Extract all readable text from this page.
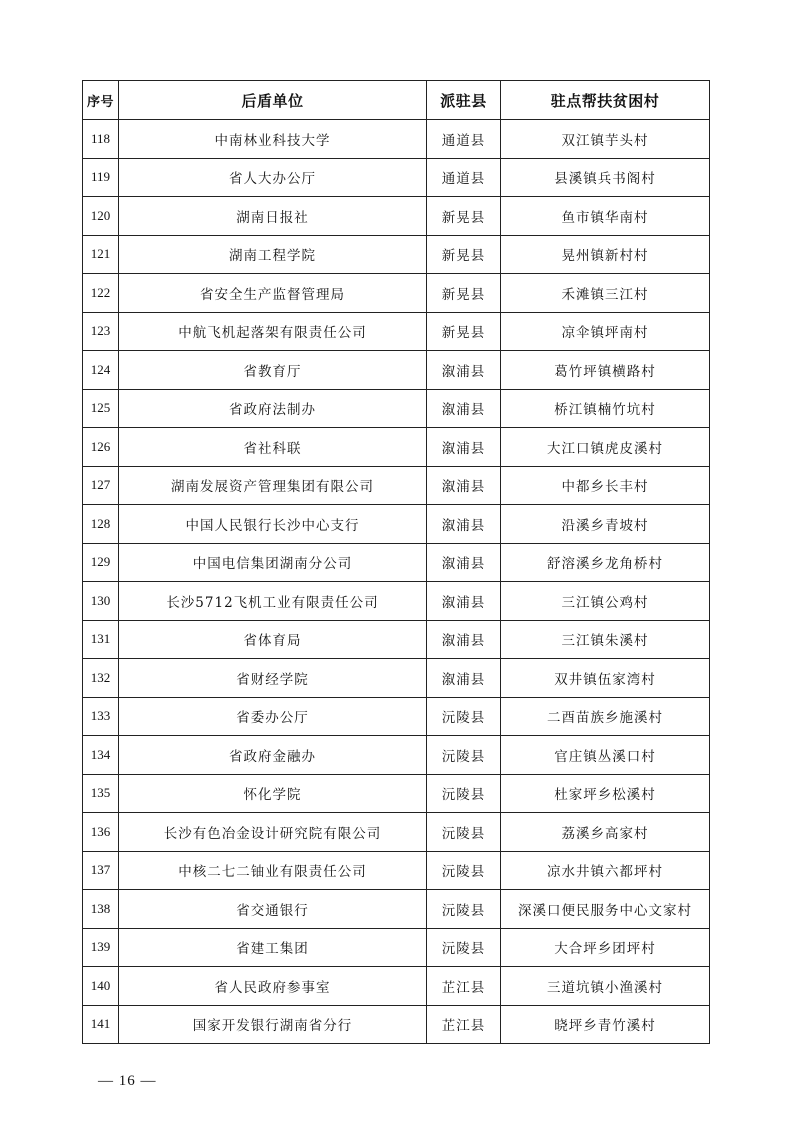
序号	后盾单位	派驻县	驻点帮扶贫困村
118	中南林业科技大学	通道县	双江镇芋头村
119	省人大办公厅	通道县	县溪镇兵书阁村
120	湖南日报社	新晃县	鱼市镇华南村
121	湖南工程学院	新晃县	晃州镇新村村
122	省安全生产监督管理局	新晃县	禾滩镇三江村
123	中航飞机起落架有限责任公司	新晃县	凉伞镇坪南村
124	省教育厅	溆浦县	葛竹坪镇横路村
125	省政府法制办	溆浦县	桥江镇楠竹坑村
126	省社科联	溆浦县	大江口镇虎皮溪村
127	湖南发展资产管理集团有限公司	溆浦县	中都乡长丰村
128	中国人民银行长沙中心支行	溆浦县	沿溪乡青坡村
129	中国电信集团湖南分公司	溆浦县	舒溶溪乡龙角桥村
130	长沙5712飞机工业有限责任公司	溆浦县	三江镇公鸡村
131	省体育局	溆浦县	三江镇朱溪村
132	省财经学院	溆浦县	双井镇伍家湾村
133	省委办公厅	沅陵县	二酉苗族乡施溪村
134	省政府金融办	沅陵县	官庄镇丛溪口村
135	怀化学院	沅陵县	杜家坪乡松溪村
136	长沙有色冶金设计研究院有限公司	沅陵县	荔溪乡高家村
137	中核二七二铀业有限责任公司	沅陵县	凉水井镇六都坪村
138	省交通银行	沅陵县	深溪口便民服务中心文家村
139	省建工集团	沅陵县	大合坪乡团坪村
140	省人民政府参事室	芷江县	三道坑镇小渔溪村
141	国家开发银行湖南省分行	芷江县	晓坪乡青竹溪村
— 16 —
